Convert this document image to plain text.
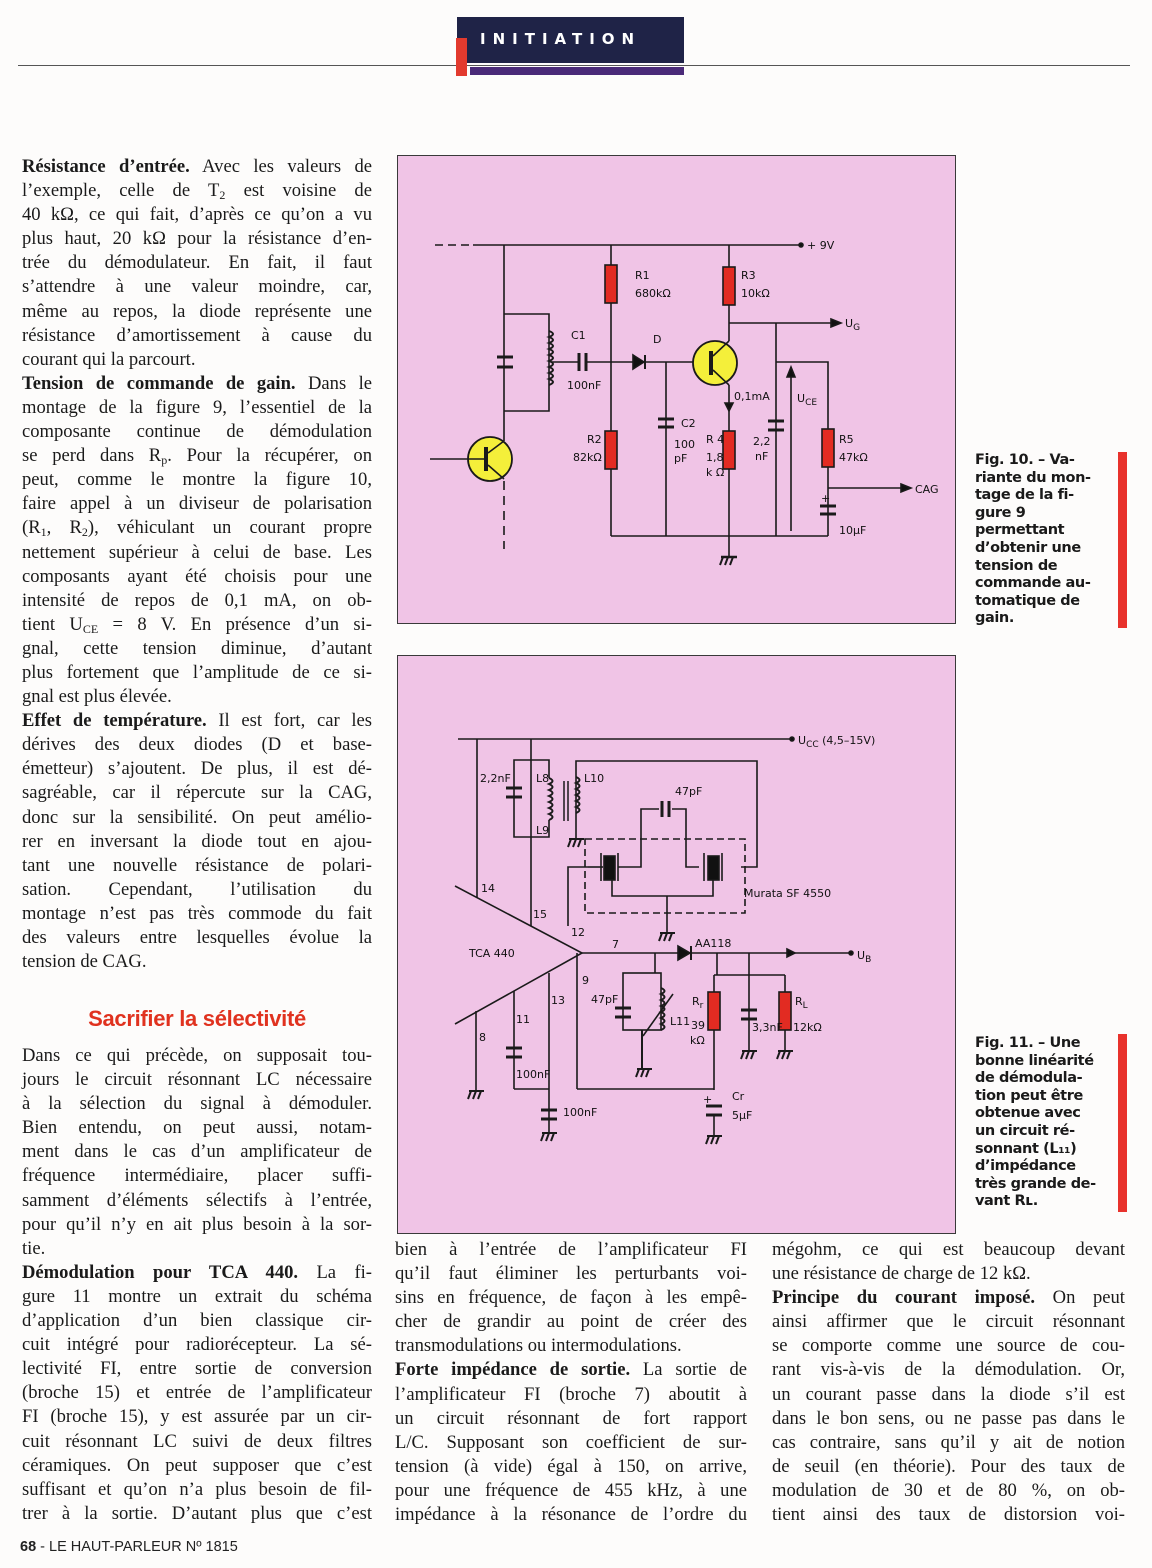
INITIATION
Résistance d’entrée. Avec les valeurs de
l’exemple, celle de $T_2$ est voisine de
40 kΩ, ce qui fait, d’après ce qu’on a vu
plus haut, 20 kΩ pour la résistance d’en-
trée du démodulateur. En fait, il faut
s’attendre à une valeur moindre, car,
même au repos, la diode représente une
résistance d’amortissement à cause du
courant qui la parcourt.
Tension de commande de gain. Dans le
montage de la figure 9, l’essentiel de la
composante continue de démodulation
se perd dans $R_p$. Pour la récupérer, on
peut, comme le montre la figure 10,
faire appel à un diviseur de polarisation
($R_1$, $R_2$), véhiculant un courant propre
nettement supérieur à celui de base. Les
composants ayant été choisis pour une
intensité de repos de 0,1 mA, on ob-
tient $U_{CE} = 8$ V. En présence d’un si-
gnal, cette tension diminue, d’autant
plus fortement que l’amplitude de ce si-
gnal est plus élevée.
Effet de température. Il est fort, car les
dérives des deux diodes (D et base-
émetteur) s’ajoutent. De plus, il est dé-
sagréable, car il répercute sur la CAG,
donc sur la sensibilité. On peut amélio-
rer en inversant la diode tout en ajou-
tant une nouvelle résistance de polari-
sation. Cependant, l’utilisation du
montage n’est pas très commode du fait
des valeurs entre lesquelles évolue la
tension de CAG.
Sacrifier la sélectivité
Dans ce qui précède, on supposait tou-
jours le circuit résonnant LC nécessaire
à la sélection du signal à démoduler.
Bien entendu, on peut aussi, notam-
ment dans le cas d’un amplificateur de
fréquence intermédiaire, placer suffi-
samment d’éléments sélectifs à l’entrée,
pour qu’il n’y en ait plus besoin à la sor-
tie.
Démodulation pour TCA 440. La fi-
gure 11 montre un extrait du schéma
d’application d’un bien classique cir-
cuit intégré pour radiorécepteur. La sé-
lectivité FI, entre sortie de conversion
(broche 15) et entrée de l’amplificateur
FI (broche 15), y est assurée par un cir-
cuit résonnant LC suivi de deux filtres
céramiques. On peut supposer que c’est
suffisant et qu’on n’a plus besoin de fil-
trer à la sortie. D’autant plus que c’est
bien à l’entrée de l’amplificateur FI
qu’il faut éliminer les perturbants voi-
sins en fréquence, de façon à les empê-
cher de grandir au point de créer des
transmodulations ou intermodulations.
Forte impédance de sortie. La sortie de
l’amplificateur FI (broche 7) aboutit à
un circuit résonnant de fort rapport
L/C. Supposant son coefficient de sur-
tension (à vide) égal à 150, on arrive,
pour une fréquence de 455 kHz, à une
impédance à la résonance de l’ordre du
mégohm, ce qui est beaucoup devant
une résistance de charge de 12 kΩ.
Principe du courant imposé. On peut
ainsi affirmer que le circuit résonnant
se comporte comme une source de cou-
rant vis-à-vis de la démodulation. Or,
un courant passe dans la diode s’il est
dans le bon sens, ou ne passe pas dans le
cas contraire, sans qu’il y ait de notion
de seuil (en théorie). Pour des taux de
modulation de 30 et de 80 %, on ob-
tient ainsi des taux de distorsion voi-
+ 9V
R1
680kΩ
R3
10kΩ
$U_G$
C1
100nF
D
0,1mA $U_{CE}$
C2
100
pF
R2
82kΩ
R 4
1,8
k Ω
2,2
nF
R5
47kΩ
CAG
+
10µF
Fig. 10. – Va-
riante du mon-
tage de la fi-
gure 9
permettant
d’obtenir une
tension de
commande au-
tomatique de
gain.
$U_{CC}$ (4,5–15V)
2,2nF L8
L9
L10
47pF
Murata SF 4550
14
15
12
7
9
13
11
8
TCA 440
AA118
$U_B$
47pF
L11
$R_r$
39
kΩ
3,3nF
$R_L$
12kΩ
100nF
100nF
Cr
5µF
+
Fig. 11. – Une
bonne linéarité
de démodula-
tion peut être
obtenue avec
un circuit ré-
sonnant (L₁₁)
d’impédance
très grande de-
vant Rʟ.
68 - LE HAUT-PARLEUR Nº 1815
